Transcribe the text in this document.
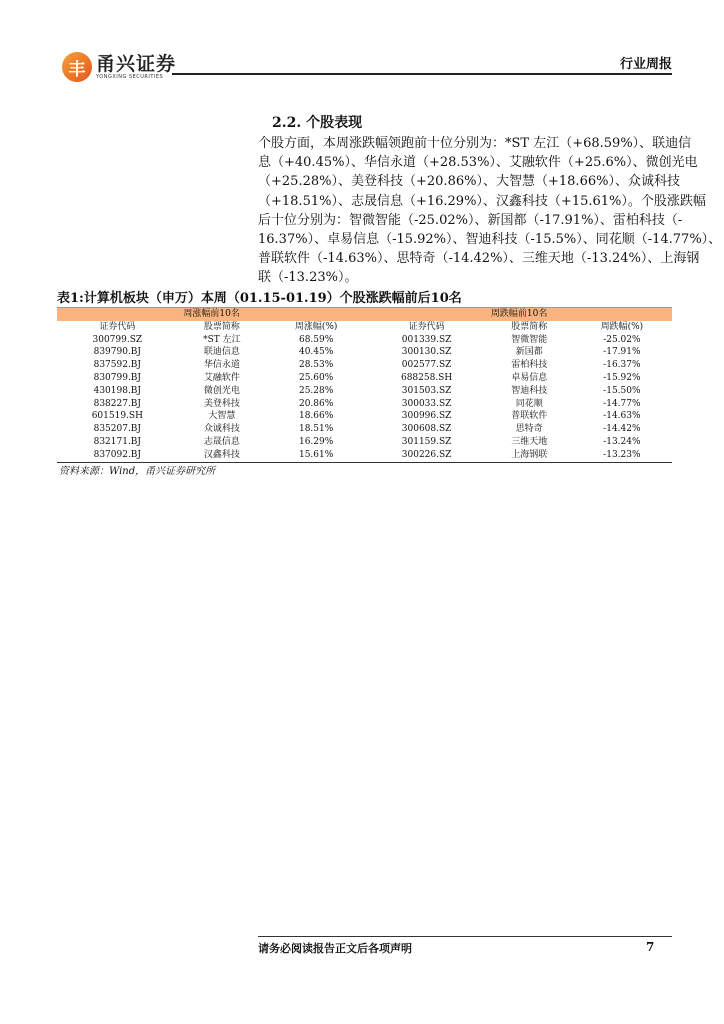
丰 甬兴证券
YONGXING SECURITIES
行业周报
2.2. 个股表现
个股方面，本周涨跌幅领跑前十位分别为：*ST 左江（+68.59%）、联迪信
息（+40.45%）、华信永道（+28.53%）、艾融软件（+25.6%）、微创光电
（+25.28%）、美登科技（+20.86%）、大智慧（+18.66%）、众诚科技
（+18.51%）、志晟信息（+16.29%）、汉鑫科技（+15.61%）。个股涨跌幅
后十位分别为：智微智能（-25.02%）、新国都（-17.91%）、雷柏科技（-
16.37%）、卓易信息（-15.92%）、智迪科技（-15.5%）、同花顺（-14.77%）、
普联软件（-14.63%）、思特奇（-14.42%）、三维天地（-13.24%）、上海钢
联（-13.23%）。
表1:计算机板块（申万）本周（01.15-01.19）个股涨跌幅前后10名
周涨幅前10名			周跌幅前10名		
证券代码	股票简称	周涨幅(%)	证券代码	股票简称	周跌幅(%)
300799.SZ	*ST 左江	68.59%	001339.SZ	智微智能	-25.02%
839790.BJ	联迪信息	40.45%	300130.SZ	新国都	-17.91%
837592.BJ	华信永道	28.53%	002577.SZ	雷柏科技	-16.37%
830799.BJ	艾融软件	25.60%	688258.SH	卓易信息	-15.92%
430198.BJ	微创光电	25.28%	301503.SZ	智迪科技	-15.50%
838227.BJ	美登科技	20.86%	300033.SZ	同花顺	-14.77%
601519.SH	大智慧	18.66%	300996.SZ	普联软件	-14.63%
835207.BJ	众诚科技	18.51%	300608.SZ	思特奇	-14.42%
832171.BJ	志晟信息	16.29%	301159.SZ	三维天地	-13.24%
837092.BJ	汉鑫科技	15.61%	300226.SZ	上海钢联	-13.23%
资料来源：Wind，甬兴证券研究所
请务必阅读报告正文后各项声明	7
